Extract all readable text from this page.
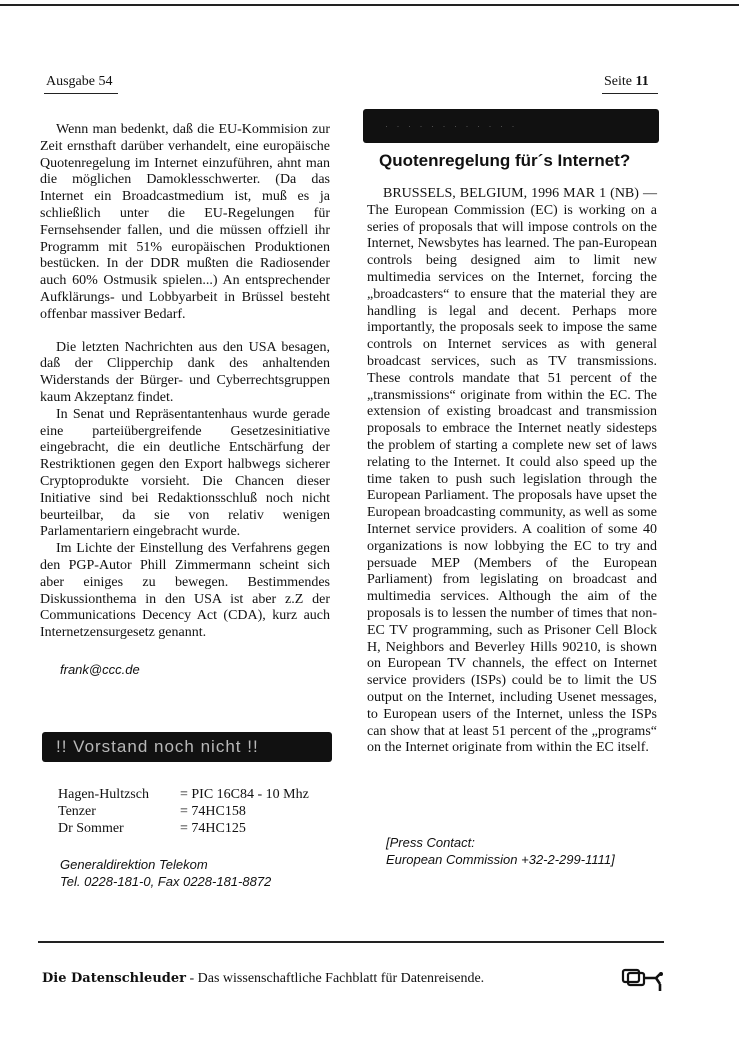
Ausgabe 54	Seite 11

Wenn man bedenkt, daß die EU-Kommision zur Zeit ernsthaft darüber verhandelt, eine europäische Quotenregelung im Internet einzuführen, ahnt man die möglichen Damoklesschwerter. (Da das Internet ein Broadcastmedium ist, muß es ja schließlich unter die EU-Regelungen für Fernsehsender fallen, und die müssen offziell ihr Programm mit 51% europäischen Produktionen bestücken. In der DDR mußten die Radiosender auch 60% Ostmusik spielen...) An entsprechender Aufklärungs- und Lobbyarbeit in Brüssel besteht offenbar massiver Bedarf.

Die letzten Nachrichten aus den USA besagen, daß der Clipperchip dank des anhaltenden Widerstands der Bürger- und Cyberrechtsgruppen kaum Akzeptanz findet.

In Senat und Repräsentantenhaus wurde gerade eine parteiübergreifende Gesetzesinitiative eingebracht, die ein deutliche Entschärfung der Restriktionen gegen den Export halbwegs sicherer Cryptoprodukte vorsieht. Die Chancen dieser Initiative sind bei Redaktionsschluß noch nicht beurteilbar, da sie von relativ wenigen Parlamentariern eingebracht wurde.

Im Lichte der Einstellung des Verfahrens gegen den PGP-Autor Phill Zimmermann scheint sich aber einiges zu bewegen. Bestimmendes Diskussionthema in den USA ist aber z.Z der Communications Decency Act (CDA), kurz auch Internetzensurgesetz genannt.

frank@ccc.de
!! Vorstand noch nicht !!
Hagen-Hultzsch	= PIC 16C84 - 10 Mhz
Tenzer	= 74HC158
Dr Sommer	= 74HC125
Generaldirektion Telekom
Tel. 0228-181-0, Fax 0228-181-8872
· · · · · · · · · · · ·
Quotenregelung für´s Internet?

BRUSSELS, BELGIUM, 1996 MAR 1 (NB) — The European Commission (EC) is working on a series of proposals that will impose controls on the Internet, Newsbytes has learned. The pan-European controls being designed aim to limit new multimedia services on the Internet, forcing the „broadcasters“ to ensure that the material they are handling is legal and decent. Perhaps more importantly, the proposals seek to impose the same controls on Internet services as with general broadcast services, such as TV transmissions. These controls mandate that 51 percent of the „transmissions“ originate from within the EC. The extension of existing broadcast and transmission proposals to embrace the Internet neatly sidesteps the problem of starting a complete new set of laws relating to the Internet. It could also speed up the time taken to push such legislation through the European Parliament. The proposals have upset the European broadcasting community, as well as some Internet service providers. A coalition of some 40 organizations is now lobbying the EC to try and persuade MEP (Members of the European Parliament) from legislating on broadcast and multimedia services. Although the aim of the proposals is to lessen the number of times that non-EC TV programming, such as Prisoner Cell Block H, Neighbors and Beverley Hills 90210, is shown on European TV channels, the effect on Internet service providers (ISPs) could be to limit the US output on the Internet, including Usenet messages, to European users of the Internet, unless the ISPs can show that at least 51 percent of the „programs“ on the Internet originate from within the EC itself.

[Press Contact:
European Commission +32-2-299-1111]
Die Datenschleuder - Das wissenschaftliche Fachblatt für Datenreisende.
